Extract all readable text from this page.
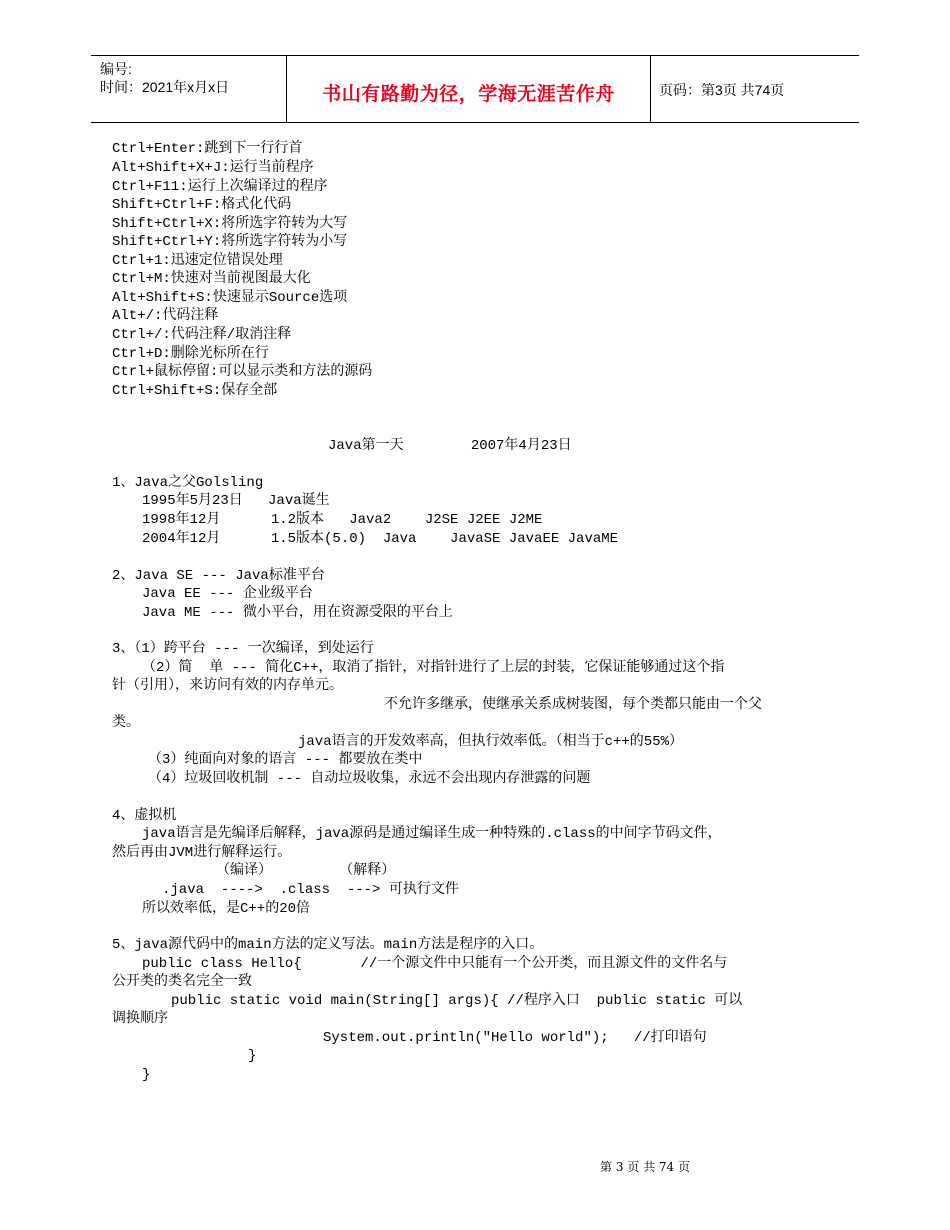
编号:
时间：2021年x月x日	书山有路勤为径，学海无涯苦作舟	页码：第3页 共74页
Ctrl+Enter:跳到下一行行首
Alt+Shift+X+J:运行当前程序
Ctrl+F11:运行上次编译过的程序
Shift+Ctrl+F:格式化代码
Shift+Ctrl+X:将所选字符转为大写
Shift+Ctrl+Y:将所选字符转为小写
Ctrl+1:迅速定位错误处理
Ctrl+M:快速对当前视图最大化
Alt+Shift+S:快速显示Source选项
Alt+/:代码注释
Ctrl+/:代码注释/取消注释
Ctrl+D:删除光标所在行
Ctrl+鼠标停留:可以显示类和方法的源码
Ctrl+Shift+S:保存全部
Java第一天        2007年4月23日
1、Java之父Golsling
1995年5月23日   Java诞生
1998年12月      1.2版本   Java2    J2SE J2EE J2ME
2004年12月      1.5版本(5.0)  Java    JavaSE JavaEE JavaME
2、Java SE --- Java标准平台
Java EE --- 企业级平台
Java ME --- 微小平台，用在资源受限的平台上
3、（1）跨平台 --- 一次编译，到处运行
（2）简  单 --- 简化C++，取消了指针，对指针进行了上层的封装，它保证能够通过这个指
针（引用），来访问有效的内存单元。
不允许多继承，使继承关系成树装图，每个类都只能由一个父
类。
java语言的开发效率高，但执行效率低。（相当于c++的55%）
（3）纯面向对象的语言 --- 都要放在类中
（4）垃圾回收机制 --- 自动垃圾收集，永远不会出现内存泄露的问题
4、虚拟机
java语言是先编译后解释，java源码是通过编译生成一种特殊的.class的中间字节码文件，
然后再由JVM进行解释运行。
（编译）        （解释）
.java  ---->  .class  ---> 可执行文件
所以效率低，是C++的20倍
5、java源代码中的main方法的定义写法。main方法是程序的入口。
public class Hello{       //一个源文件中只能有一个公开类，而且源文件的文件名与
公开类的类名完全一致
public static void main(String[] args){ //程序入口  public static 可以
调换顺序
System.out.println("Hello world");   //打印语句
}
}
第 3 页 共 74 页
